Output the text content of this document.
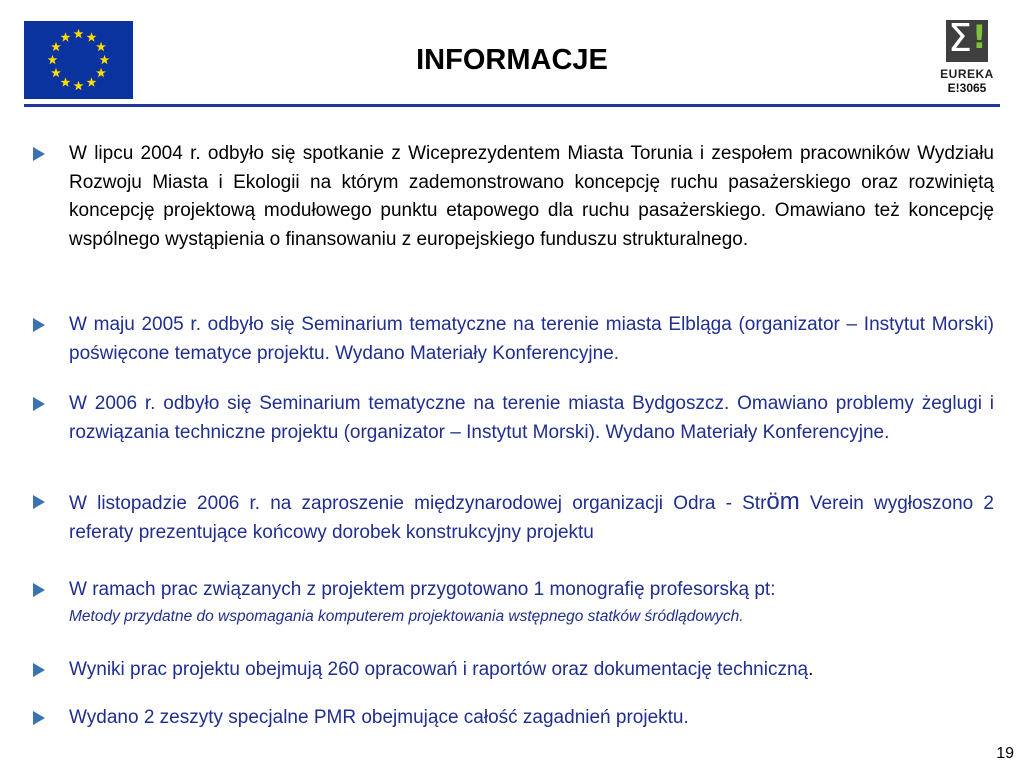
INFORMACJE	Σ !
EUREKA
E!3065
W lipcu 2004 r. odbyło się spotkanie z Wiceprezydentem Miasta Torunia i zespołem pracowników Wydziału Rozwoju Miasta i Ekologii na którym zademonstrowano koncepcję ruchu pasażerskiego oraz rozwiniętą koncepcję projektową modułowego punktu etapowego dla ruchu pasażerskiego. Omawiano też koncepcję wspólnego wystąpienia o finansowaniu z europejskiego funduszu strukturalnego.
W maju 2005 r. odbyło się Seminarium tematyczne na terenie miasta Elbląga (organizator – Instytut Morski) poświęcone tematyce projektu. Wydano Materiały Konferencyjne.
W 2006 r. odbyło się Seminarium tematyczne na terenie miasta Bydgoszcz. Omawiano problemy żeglugi i rozwiązania techniczne projektu (organizator – Instytut Morski). Wydano Materiały Konferencyjne.
W listopadzie 2006 r. na zaproszenie międzynarodowej organizacji Odra - Ström Verein wygłoszono 2 referaty prezentujące końcowy dorobek konstrukcyjny projektu
W ramach prac związanych z projektem przygotowano 1 monografię profesorską pt:
Metody przydatne do wspomagania komputerem projektowania wstępnego statków śródlądowych.
Wyniki prac projektu obejmują 260 opracowań i raportów oraz dokumentację techniczną.
Wydano 2 zeszyty specjalne PMR obejmujące całość zagadnień projektu.
19
